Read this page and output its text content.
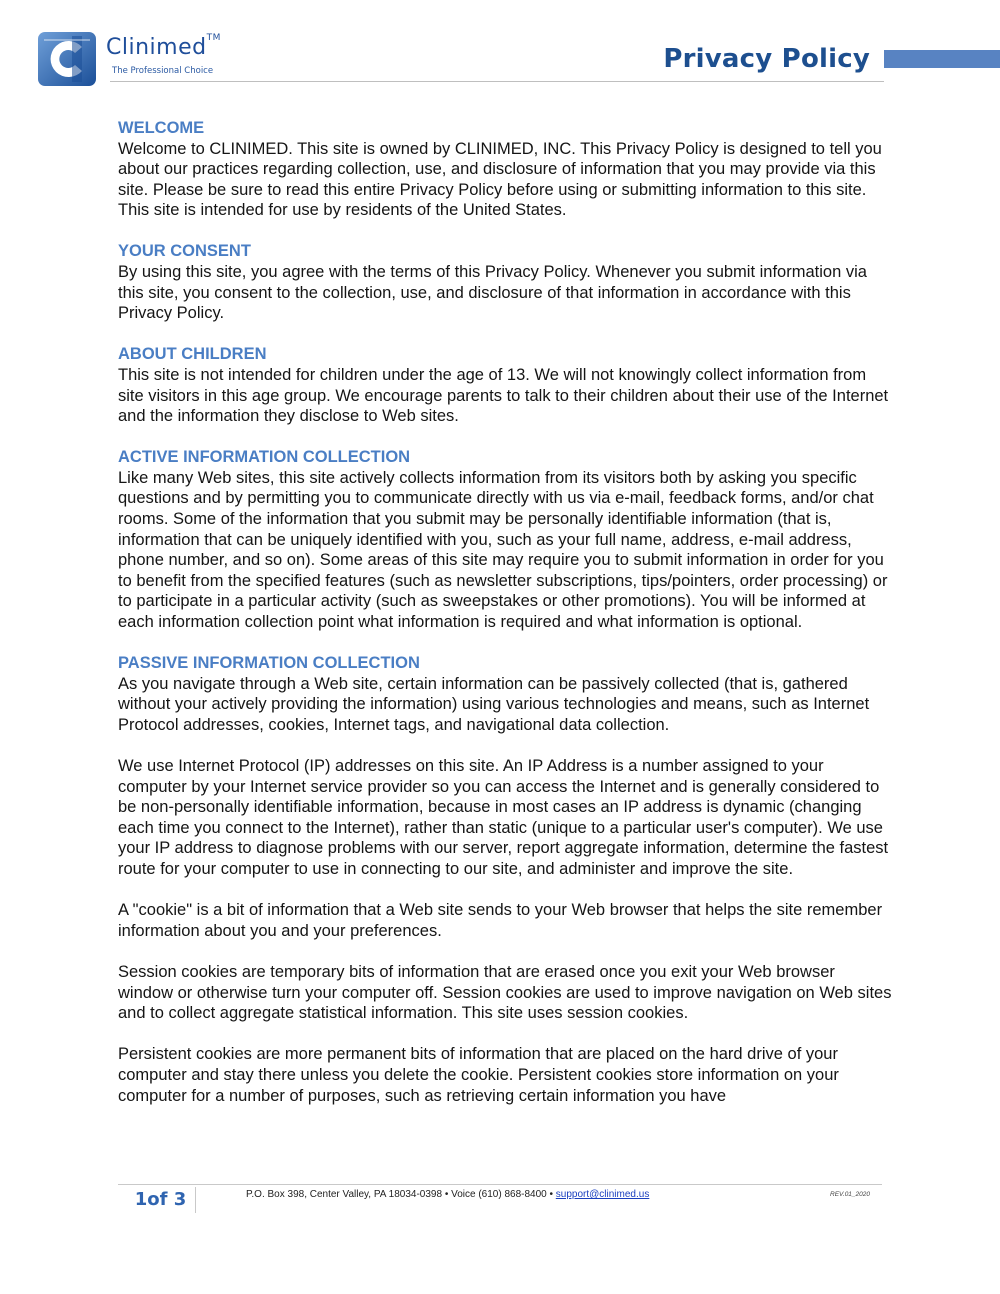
Clinimed™
The Professional Choice	Privacy Policy
WELCOME

Welcome to CLINIMED. This site is owned by CLINIMED, INC. This Privacy Policy is designed to tell you about our practices regarding collection, use, and disclosure of information that you may provide via this site. Please be sure to read this entire Privacy Policy before using or submitting information to this site. This site is intended for use by residents of the United States.

YOUR CONSENT

By using this site, you agree with the terms of this Privacy Policy. Whenever you submit information via this site, you consent to the collection, use, and disclosure of that information in accordance with this Privacy Policy.

ABOUT CHILDREN

This site is not intended for children under the age of 13. We will not knowingly collect information from site visitors in this age group. We encourage parents to talk to their children about their use of the Internet and the information they disclose to Web sites.

ACTIVE INFORMATION COLLECTION

Like many Web sites, this site actively collects information from its visitors both by asking you specific questions and by permitting you to communicate directly with us via e-mail, feedback forms, and/or chat rooms. Some of the information that you submit may be personally identifiable information (that is, information that can be uniquely identified with you, such as your full name, address, e-mail address, phone number, and so on). Some areas of this site may require you to submit information in order for you to benefit from the specified features (such as newsletter subscriptions, tips/pointers, order processing) or to participate in a particular activity (such as sweepstakes or other promotions). You will be informed at each information collection point what information is required and what information is optional.

PASSIVE INFORMATION COLLECTION

As you navigate through a Web site, certain information can be passively collected (that is, gathered without your actively providing the information) using various technologies and means, such as Internet Protocol addresses, cookies, Internet tags, and navigational data collection.

We use Internet Protocol (IP) addresses on this site. An IP Address is a number assigned to your computer by your Internet service provider so you can access the Internet and is generally considered to be non-personally identifiable information, because in most cases an IP address is dynamic (changing each time you connect to the Internet), rather than static (unique to a particular user's computer). We use your IP address to diagnose problems with our server, report aggregate information, determine the fastest route for your computer to use in connecting to our site, and administer and improve the site.

A "cookie" is a bit of information that a Web site sends to your Web browser that helps the site remember information about you and your preferences.

Session cookies are temporary bits of information that are erased once you exit your Web browser window or otherwise turn your computer off. Session cookies are used to improve navigation on Web sites and to collect aggregate statistical information. This site uses session cookies.

Persistent cookies are more permanent bits of information that are placed on the hard drive of your computer and stay there unless you delete the cookie. Persistent cookies store information on your computer for a number of purposes, such as retrieving certain information you have

1of 3	P.O. Box 398, Center Valley, PA 18034-0398 • Voice (610) 868-8400 • support@clinimed.us	REV.01_2020
